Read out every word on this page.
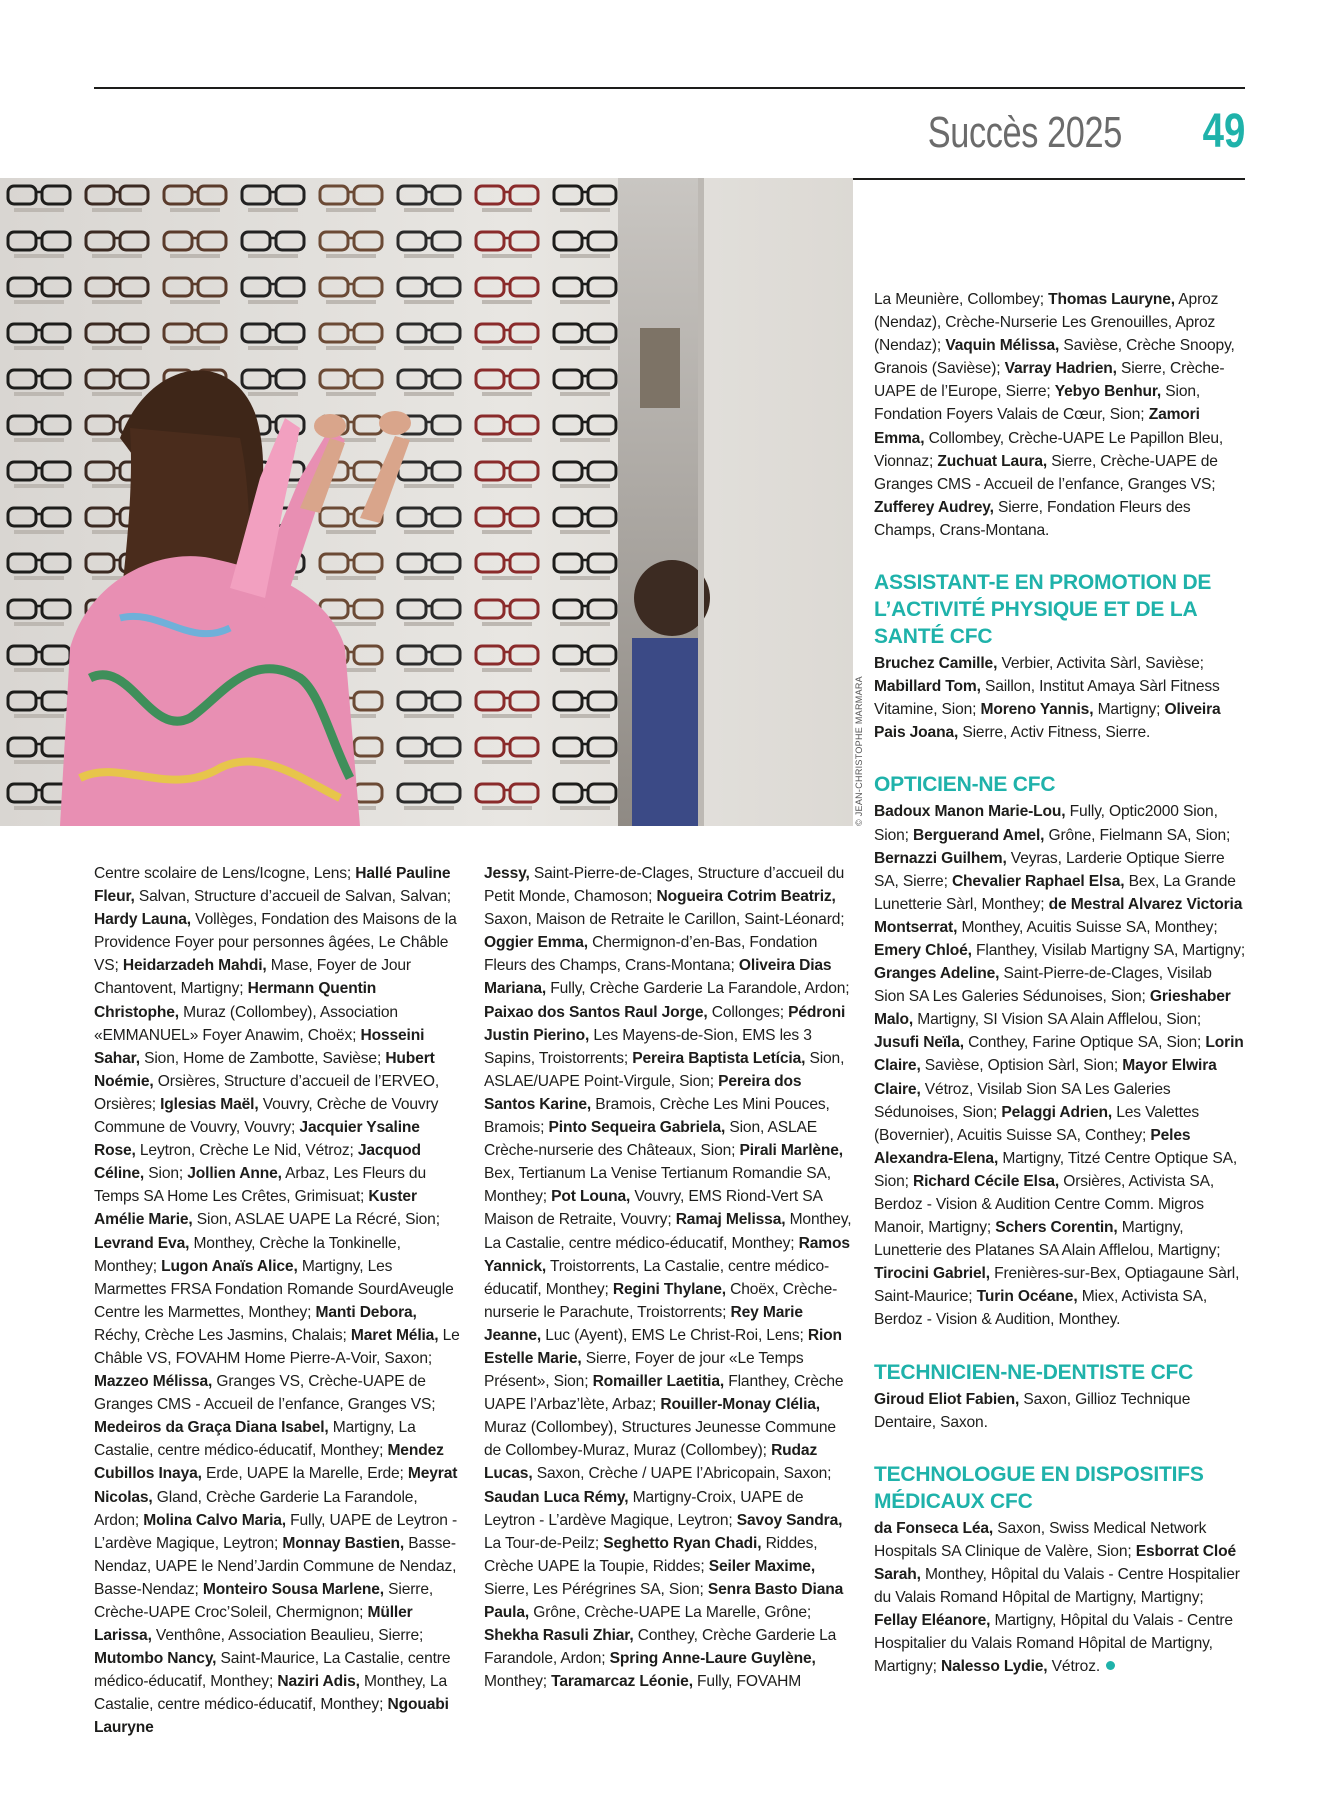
Succès 2025 49
© JEAN-CHRISTOPHE MARMARA

Centre scolaire de Lens/Icogne, Lens; Hallé Pauline Fleur, Salvan, Structure d’accueil de Salvan, Salvan; Hardy Launa, Vollèges, Fondation des Maisons de la Providence Foyer pour personnes âgées, Le Châble VS; Heidarzadeh Mahdi, Mase, Foyer de Jour Chantovent, Martigny; Hermann Quentin Christophe, Muraz (Collombey), Association «EMMANUEL» Foyer Anawim, Choëx; Hosseini Sahar, Sion, Home de Zambotte, Savièse; Hubert Noémie, Orsières, Structure d’accueil de l’ERVEO, Orsières; Iglesias Maël, Vouvry, Crèche de Vouvry Commune de Vouvry, Vouvry; Jacquier Ysaline Rose, Leytron, Crèche Le Nid, Vétroz; Jacquod Céline, Sion; Jollien Anne, Arbaz, Les Fleurs du Temps SA Home Les Crêtes, Grimisuat; Kuster Amélie Marie, Sion, ASLAE UAPE La Récré, Sion; Levrand Eva, Monthey, Crèche la Tonkinelle, Monthey; Lugon Anaïs Alice, Martigny, Les Marmettes FRSA Fondation Romande SourdAveugle Centre les Marmettes, Monthey; Manti Debora, Réchy, Crèche Les Jasmins, Chalais; Maret Mélia, Le Châble VS, FOVAHM Home Pierre-A-Voir, Saxon; Mazzeo Mélissa, Granges VS, Crèche-UAPE de Granges CMS - Accueil de l’enfance, Granges VS; Medeiros da Graça Diana Isabel, Martigny, La Castalie, centre médico-éducatif, Monthey; Mendez Cubillos Inaya, Erde, UAPE la Marelle, Erde; Meyrat Nicolas, Gland, Crèche Garderie La Farandole, Ardon; Molina Calvo Maria, Fully, UAPE de Leytron - L’ardève Magique, Leytron; Monnay Bastien, Basse-Nendaz, UAPE le Nend’Jardin Commune de Nendaz, Basse-Nendaz; Monteiro Sousa Marlene, Sierre, Crèche-UAPE Croc’Soleil, Chermignon; Müller Larissa, Venthône, Association Beaulieu, Sierre; Mutombo Nancy, Saint-Maurice, La Castalie, centre médico-éducatif, Monthey; Naziri Adis, Monthey, La Castalie, centre médico-éducatif, Monthey; Ngouabi Lauryne

Jessy, Saint-Pierre-de-Clages, Structure d’accueil du Petit Monde, Chamoson; Nogueira Cotrim Beatriz, Saxon, Maison de Retraite le Carillon, Saint-Léonard; Oggier Emma, Chermignon-d’en-Bas, Fondation Fleurs des Champs, Crans-Montana; Oliveira Dias Mariana, Fully, Crèche Garderie La Farandole, Ardon; Paixao dos Santos Raul Jorge, Collonges; Pédroni Justin Pierino, Les Mayens-de-Sion, EMS les 3 Sapins, Troistorrents; Pereira Baptista Letícia, Sion, ASLAE/UAPE Point-Virgule, Sion; Pereira dos Santos Karine, Bramois, Crèche Les Mini Pouces, Bramois; Pinto Sequeira Gabriela, Sion, ASLAE Crèche-nurserie des Châteaux, Sion; Pirali Marlène, Bex, Tertianum La Venise Tertianum Romandie SA, Monthey; Pot Louna, Vouvry, EMS Riond-Vert SA Maison de Retraite, Vouvry; Ramaj Melissa, Monthey, La Castalie, centre médico-éducatif, Monthey; Ramos Yannick, Troistorrents, La Castalie, centre médico-éducatif, Monthey; Regini Thylane, Choëx, Crèche-nurserie le Parachute, Troistorrents; Rey Marie Jeanne, Luc (Ayent), EMS Le Christ-Roi, Lens; Rion Estelle Marie, Sierre, Foyer de jour «Le Temps Présent», Sion; Romailler Laetitia, Flanthey, Crèche UAPE l’Arbaz’lète, Arbaz; Rouiller-Monay Clélia, Muraz (Collombey), Structures Jeunesse Commune de Collombey-Muraz, Muraz (Collombey); Rudaz Lucas, Saxon, Crèche / UAPE l’Abricopain, Saxon; Saudan Luca Rémy, Martigny-Croix, UAPE de Leytron - L’ardève Magique, Leytron; Savoy Sandra, La Tour-de-Peilz; Seghetto Ryan Chadi, Riddes, Crèche UAPE la Toupie, Riddes; Seiler Maxime, Sierre, Les Pérégrines SA, Sion; Senra Basto Diana Paula, Grône, Crèche-UAPE La Marelle, Grône; Shekha Rasuli Zhiar, Conthey, Crèche Garderie La Farandole, Ardon; Spring Anne-Laure Guylène, Monthey; Taramarcaz Léonie, Fully, FOVAHM

La Meunière, Collombey; Thomas Lauryne, Aproz (Nendaz), Crèche-Nurserie Les Grenouilles, Aproz (Nendaz); Vaquin Mélissa, Savièse, Crèche Snoopy, Granois (Savièse); Varray Hadrien, Sierre, Crèche-UAPE de l’Europe, Sierre; Yebyo Benhur, Sion, Fondation Foyers Valais de Cœur, Sion; Zamori Emma, Collombey, Crèche-UAPE Le Papillon Bleu, Vionnaz; Zuchuat Laura, Sierre, Crèche-UAPE de Granges CMS - Accueil de l’enfance, Granges VS; Zufferey Audrey, Sierre, Fondation Fleurs des Champs, Crans-Montana.

ASSISTANT-E EN PROMOTION DE L’ACTIVITÉ PHYSIQUE ET DE LA SANTÉ CFC

Bruchez Camille, Verbier, Activita Sàrl, Savièse; Mabillard Tom, Saillon, Institut Amaya Sàrl Fitness Vitamine, Sion; Moreno Yannis, Martigny; Oliveira Pais Joana, Sierre, Activ Fitness, Sierre.

OPTICIEN-NE CFC

Badoux Manon Marie-Lou, Fully, Optic2000 Sion, Sion; Berguerand Amel, Grône, Fielmann SA, Sion; Bernazzi Guilhem, Veyras, Larderie Optique Sierre SA, Sierre; Chevalier Raphael Elsa, Bex, La Grande Lunetterie Sàrl, Monthey; de Mestral Alvarez Victoria Montserrat, Monthey, Acuitis Suisse SA, Monthey; Emery Chloé, Flanthey, Visilab Martigny SA, Martigny; Granges Adeline, Saint-Pierre-de-Clages, Visilab Sion SA Les Galeries Sédunoises, Sion; Grieshaber Malo, Martigny, SI Vision SA Alain Afflelou, Sion; Jusufi Neïla, Conthey, Farine Optique SA, Sion; Lorin Claire, Savièse, Optision Sàrl, Sion; Mayor Elwira Claire, Vétroz, Visilab Sion SA Les Galeries Sédunoises, Sion; Pelaggi Adrien, Les Valettes (Bovernier), Acuitis Suisse SA, Conthey; Peles Alexandra-Elena, Martigny, Titzé Centre Optique SA, Sion; Richard Cécile Elsa, Orsières, Activista SA, Berdoz - Vision & Audition Centre Comm. Migros Manoir, Martigny; Schers Corentin, Martigny, Lunetterie des Platanes SA Alain Afflelou, Martigny; Tirocini Gabriel, Frenières-sur-Bex, Optiagaune Sàrl, Saint-Maurice; Turin Océane, Miex, Activista SA, Berdoz - Vision & Audition, Monthey.

TECHNICIEN-NE-DENTISTE CFC

Giroud Eliot Fabien, Saxon, Gillioz Technique Dentaire, Saxon.

TECHNOLOGUE EN DISPOSITIFS MÉDICAUX CFC

da Fonseca Léa, Saxon, Swiss Medical Network Hospitals SA Clinique de Valère, Sion; Esborrat Cloé Sarah, Monthey, Hôpital du Valais - Centre Hospitalier du Valais Romand Hôpital de Martigny, Martigny; Fellay Eléanore, Martigny, Hôpital du Valais - Centre Hospitalier du Valais Romand Hôpital de Martigny, Martigny; Nalesso Lydie, Vétroz.
